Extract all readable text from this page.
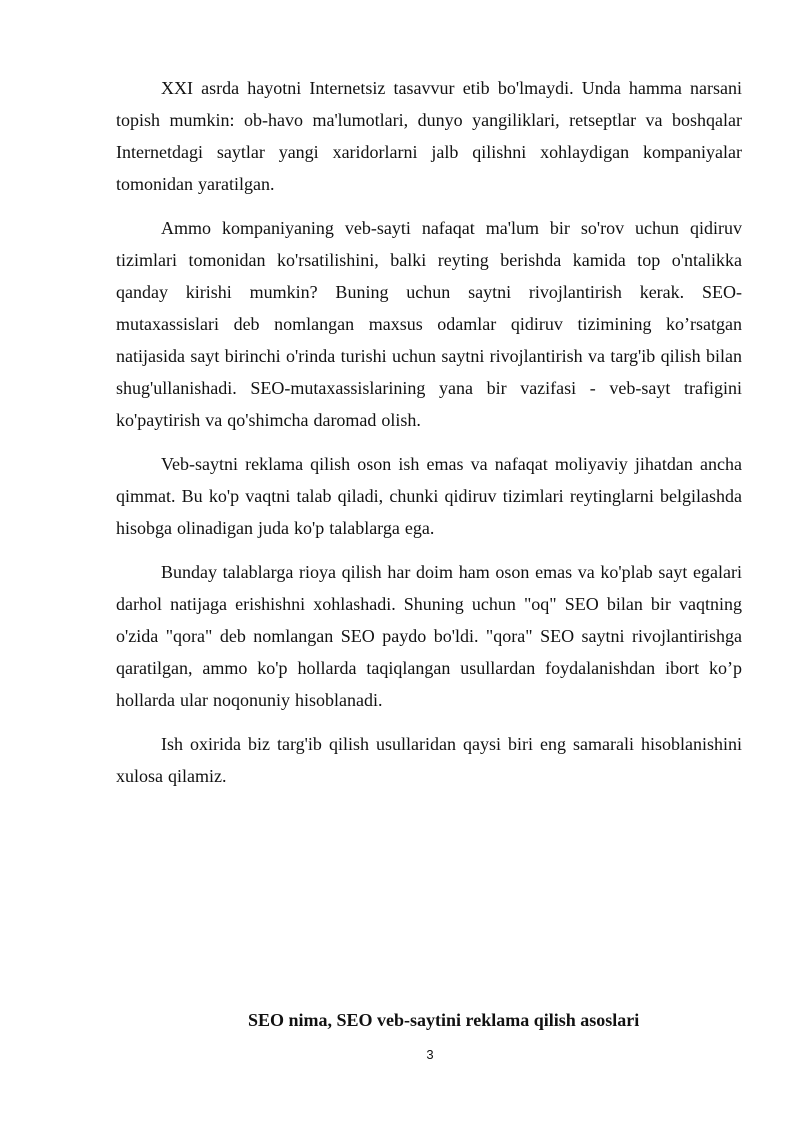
XXI asrda hayotni Internetsiz tasavvur etib bo'lmaydi. Unda hamma narsani topish mumkin: ob-havo ma'lumotlari, dunyo yangiliklari, retseptlar va boshqalar Internetdagi saytlar yangi xaridorlarni jalb qilishni xohlaydigan kompaniyalar tomonidan yaratilgan.

Ammo kompaniyaning veb-sayti nafaqat ma'lum bir so'rov uchun qidiruv tizimlari tomonidan ko'rsatilishini, balki reyting berishda kamida top o'ntalikka qanday kirishi mumkin? Buning uchun saytni rivojlantirish kerak. SEO-mutaxassislari deb nomlangan maxsus odamlar qidiruv tizimining ko’rsatgan natijasida sayt birinchi o'rinda turishi uchun saytni rivojlantirish va targ'ib qilish bilan shug'ullanishadi. SEO-mutaxassislarining yana bir vazifasi - veb-sayt trafigini ko'paytirish va qo'shimcha daromad olish.

Veb-saytni reklama qilish oson ish emas va nafaqat moliyaviy jihatdan ancha qimmat. Bu ko'p vaqtni talab qiladi, chunki qidiruv tizimlari reytinglarni belgilashda hisobga olinadigan juda ko'p talablarga ega.

Bunday talablarga rioya qilish har doim ham oson emas va ko'plab sayt egalari darhol natijaga erishishni xohlashadi. Shuning uchun "oq" SEO bilan bir vaqtning o'zida "qora" deb nomlangan SEO paydo bo'ldi. "qora" SEO saytni rivojlantirishga qaratilgan, ammo ko'p hollarda taqiqlangan usullardan foydalanishdan ibort ko’p hollarda ular noqonuniy hisoblanadi.

Ish oxirida biz targ'ib qilish usullaridan qaysi biri eng samarali hisoblanishini xulosa qilamiz.

SEO nima, SEO veb-saytini reklama qilish asoslari
3
